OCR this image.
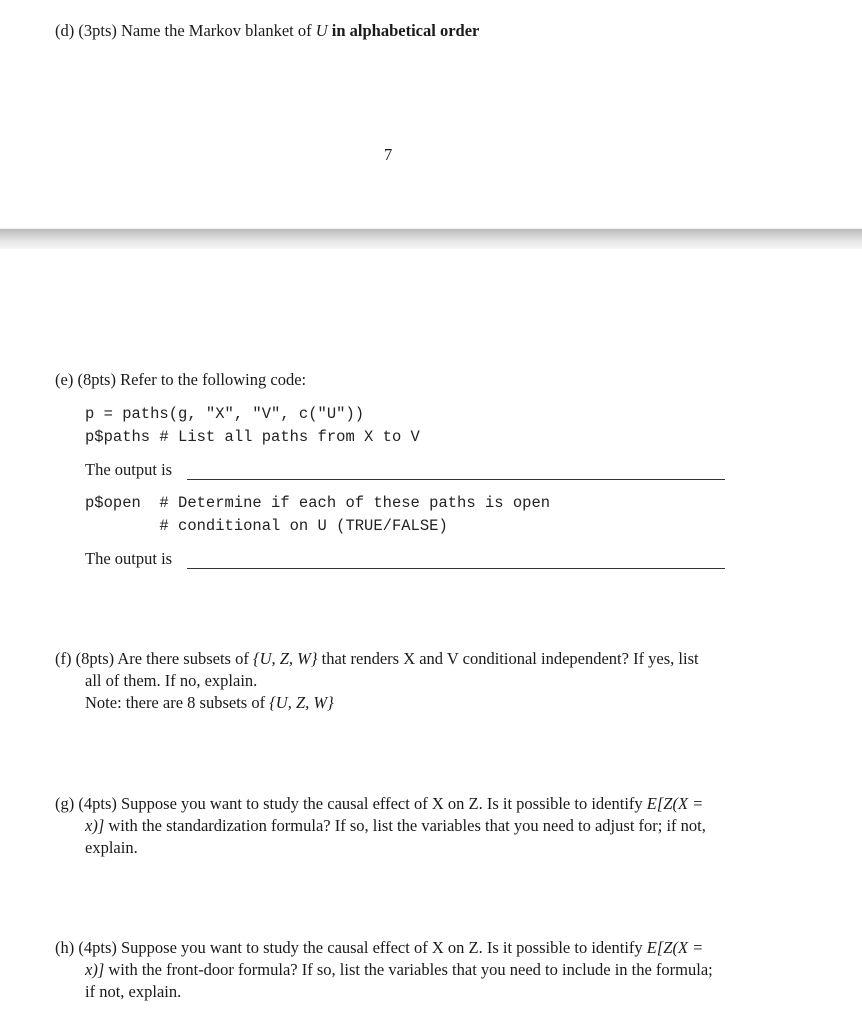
(d) (3pts) Name the Markov blanket of U in alphabetical order
7
(e) (8pts) Refer to the following code:
p = paths(g, "X", "V", c("U"))
p$paths # List all paths from X to V
The output is
p$open  # Determine if each of these paths is open
# conditional on U (TRUE/FALSE)
The output is
(f) (8pts) Are there subsets of {U, Z, W} that renders X and V conditional independent? If yes, list
all of them. If no, explain.
Note: there are 8 subsets of {U, Z, W}
(g) (4pts) Suppose you want to study the causal effect of X on Z. Is it possible to identify E[Z(X =
x)] with the standardization formula? If so, list the variables that you need to adjust for; if not,
explain.
(h) (4pts) Suppose you want to study the causal effect of X on Z. Is it possible to identify E[Z(X =
x)] with the front-door formula? If so, list the variables that you need to include in the formula;
if not, explain.
